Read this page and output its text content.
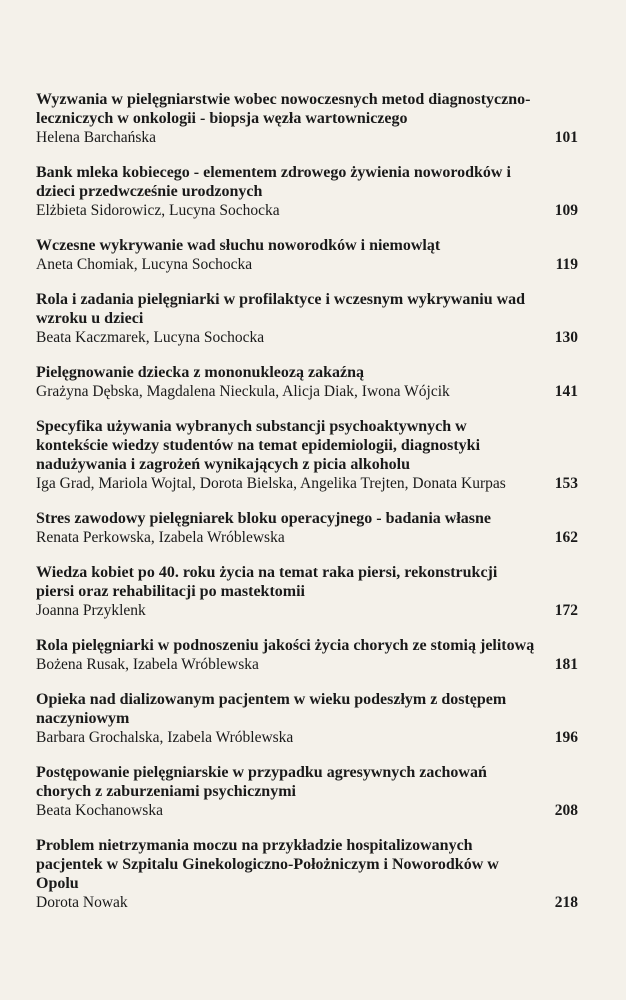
Wyzwania w pielęgniarstwie wobec nowoczesnych metod diagnostyczno-leczniczych w onkologii - biopsja węzła wartowniczego
Helena Barchańska	101
Bank mleka kobiecego - elementem zdrowego żywienia noworodków i dzieci przedwcześnie urodzonych
Elżbieta Sidorowicz, Lucyna Sochocka	109
Wczesne wykrywanie wad słuchu noworodków i niemowląt
Aneta Chomiak, Lucyna Sochocka	119
Rola i zadania pielęgniarki w profilaktyce i wczesnym wykrywaniu wad wzroku u dzieci
Beata Kaczmarek, Lucyna Sochocka	130
Pielęgnowanie dziecka z mononukleozą zakaźną
Grażyna Dębska, Magdalena Nieckula, Alicja Diak, Iwona Wójcik	141
Specyfika używania wybranych substancji psychoaktywnych w kontekście wiedzy studentów na temat epidemiologii, diagnostyki nadużywania i zagrożeń wynikających z picia alkoholu
Iga Grad, Mariola Wojtal, Dorota Bielska, Angelika Trejten, Donata Kurpas	153
Stres zawodowy pielęgniarek bloku operacyjnego - badania własne
Renata Perkowska, Izabela Wróblewska	162
Wiedza kobiet po 40. roku życia na temat raka piersi, rekonstrukcji piersi oraz rehabilitacji po mastektomii
Joanna Przyklenk	172
Rola pielęgniarki w podnoszeniu jakości życia chorych ze stomią jelitową
Bożena Rusak, Izabela Wróblewska	181
Opieka nad dializowanym pacjentem w wieku podeszłym z dostępem naczyniowym
Barbara Grochalska, Izabela Wróblewska	196
Postępowanie pielęgniarskie w przypadku agresywnych zachowań chorych z zaburzeniami psychicznymi
Beata Kochanowska	208
Problem nietrzymania moczu na przykładzie hospitalizowanych pacjentek w Szpitalu Ginekologiczno-Położniczym i Noworodków w Opolu
Dorota Nowak	218
